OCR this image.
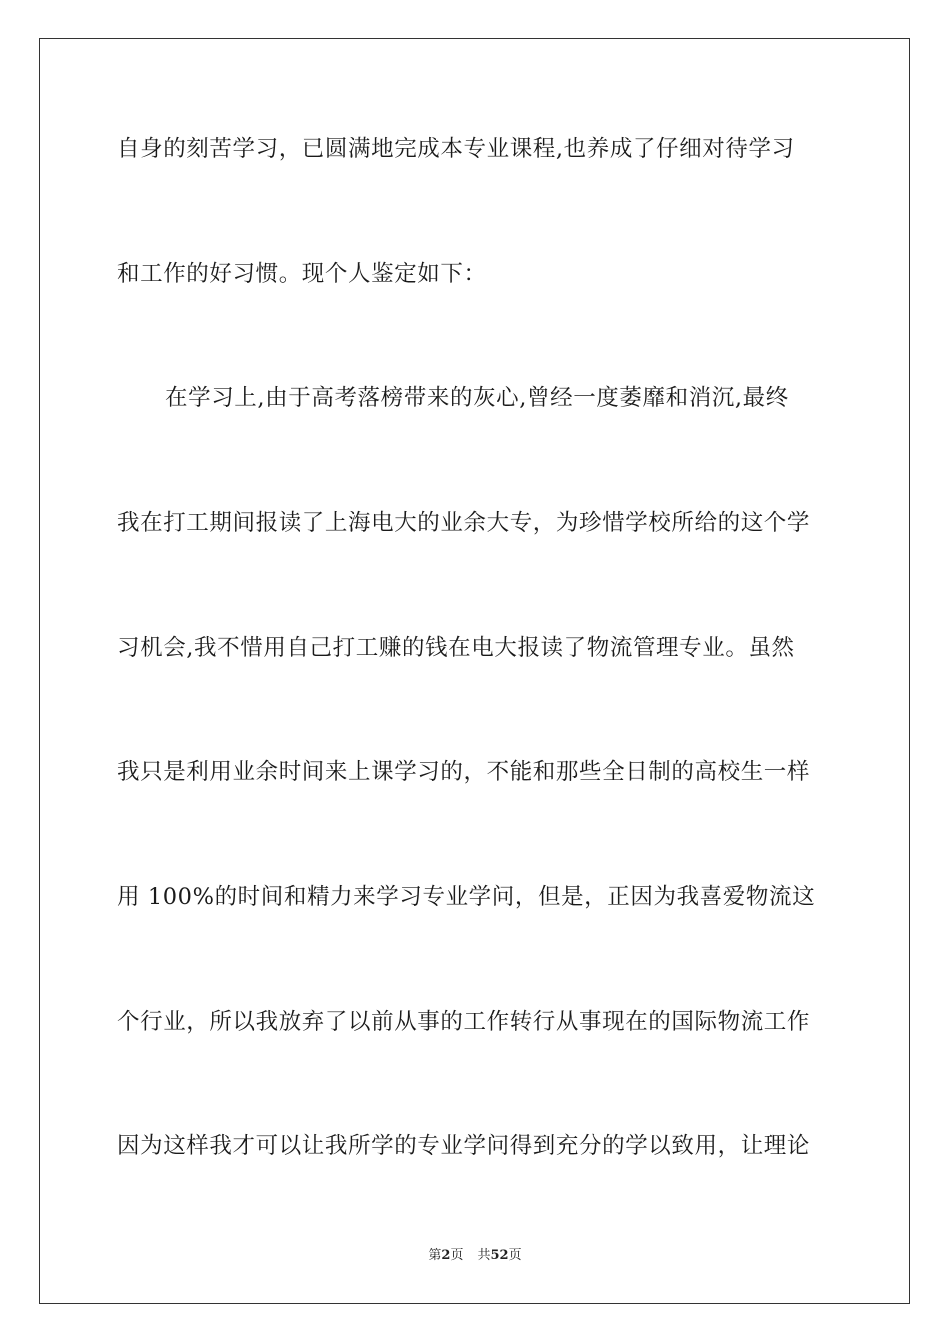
自身的刻苦学习，已圆满地完成本专业课程,也养成了仔细对待学习
和工作的好习惯。现个人鉴定如下：
在学习上,由于高考落榜带来的灰心,曾经一度萎靡和消沉,最终
我在打工期间报读了上海电大的业余大专，为珍惜学校所给的这个学
习机会,我不惜用自己打工赚的钱在电大报读了物流管理专业。虽然
我只是利用业余时间来上课学习的，不能和那些全日制的高校生一样
用 100%的时间和精力来学习专业学问，但是，正因为我喜爱物流这
个行业，所以我放弃了以前从事的工作转行从事现在的国际物流工作
因为这样我才可以让我所学的专业学问得到充分的学以致用，让理论
第2页 共52页
